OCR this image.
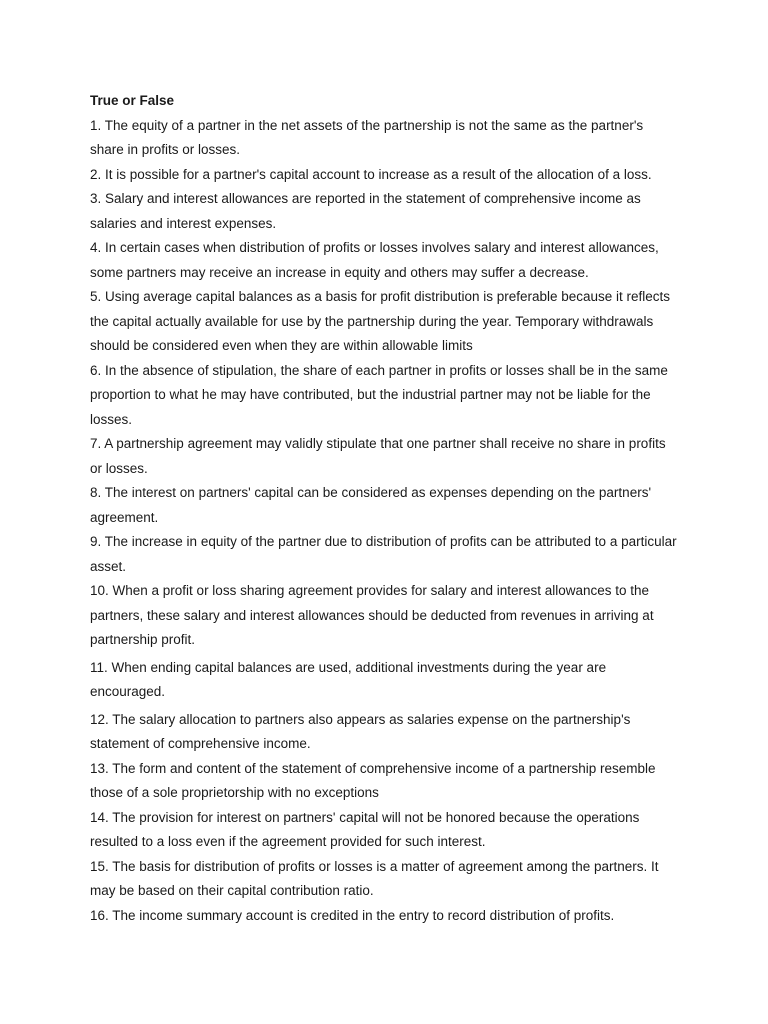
True or False

1. The equity of a partner in the net assets of the partnership is not the same as the partner's share in profits or losses.
2. It is possible for a partner's capital account to increase as a result of the allocation of a loss.
3. Salary and interest allowances are reported in the statement of comprehensive income as salaries and interest expenses.
4. In certain cases when distribution of profits or losses involves salary and interest allowances, some partners may receive an increase in equity and others may suffer a decrease.
5. Using average capital balances as a basis for profit distribution is preferable because it reflects the capital actually available for use by the partnership during the year. Temporary withdrawals should be considered even when they are within allowable limits
6. In the absence of stipulation, the share of each partner in profits or losses shall be in the same proportion to what he may have contributed, but the industrial partner may not be liable for the losses.
7. A partnership agreement may validly stipulate that one partner shall receive no share in profits or losses.
8. The interest on partners' capital can be considered as expenses depending on the partners' agreement.
9. The increase in equity of the partner due to distribution of profits can be attributed to a particular asset.
10. When a profit or loss sharing agreement provides for salary and interest allowances to the partners, these salary and interest allowances should be deducted from revenues in arriving at partnership profit.
11. When ending capital balances are used, additional investments during the year are encouraged.
12. The salary allocation to partners also appears as salaries expense on the partnership's statement of comprehensive income.
13. The form and content of the statement of comprehensive income of a partnership resemble those of a sole proprietorship with no exceptions
14. The provision for interest on partners' capital will not be honored because the operations resulted to a loss even if the agreement provided for such interest.
15. The basis for distribution of profits or losses is a matter of agreement among the partners. It may be based on their capital contribution ratio.
16. The income summary account is credited in the entry to record distribution of profits.
